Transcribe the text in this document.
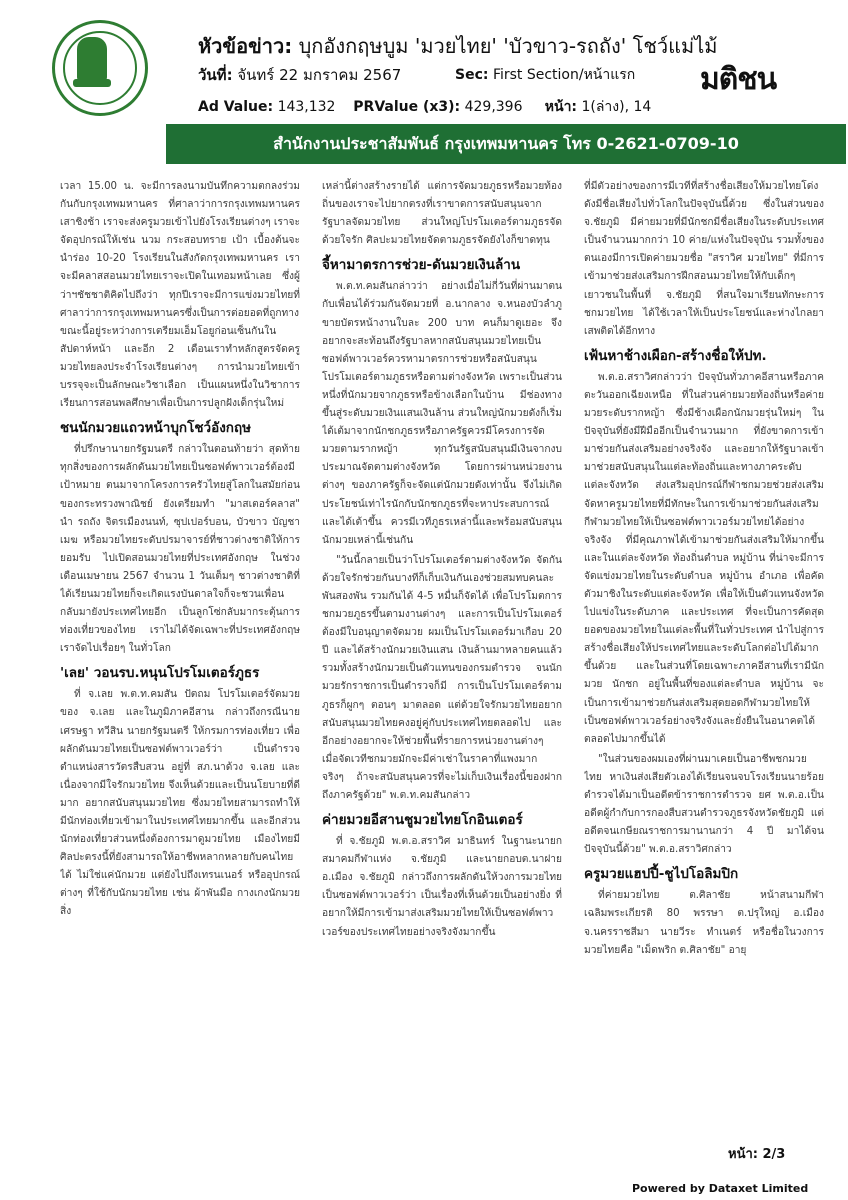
หัวข้อข่าว: บุกอังกฤษบูม 'มวยไทย' 'บัวขาว-รถถัง' โชว์แม่ไม้
วันที่: จันทร์ 22 มกราคม 2567	Sec: First Section/หน้าแรก
Ad Value: 143,132 PRValue (x3): 429,396 หน้า: 1(ล่าง), 14
มติชน
สำนักงานประชาสัมพันธ์ กรุงเทพมหานคร โทร 0-2621-0709-10
เวลา 15.00 น. จะมีการลงนามบันทึกความตกลงร่วมกันกับกรุงเทพมหานคร ที่ศาลาว่าการกรุงเทพมหานคร เสาชิงช้า เราจะส่งครูมวยเข้าไปยังโรงเรียนต่างๆ เราจะจัดอุปกรณ์ให้เช่น นวม กระสอบทราย เป้า เบื้องต้นจะนำร่อง 10-20 โรงเรียนในสังกัดกรุงเทพมหานคร เราจะมีคลาสสอนมวยไทยเราจะเปิดในเทอมหน้าเลย ซึ่งผู้ว่าฯชัชชาติคิดไปถึงว่า ทุกปีเราจะมีการแข่งมวยไทยที่ศาลาว่าการกรุงเทพมหานครซึ่งเป็นการต่อยอดที่ถูกทาง ขณะนี้อยู่ระหว่างการเตรียมเอ็มโอยูก่อนเซ็นกันในสัปดาห์หน้า และอีก 2 เดือนเราทำหลักสูตรจัดครูมวยไทยลงประจำโรงเรียนต่างๆ การนำมวยไทยเข้าบรรจุจะเป็นลักษณะวิชาเลือก เป็นแผนหนึ่งในวิชาการเรียนการสอนพลศึกษาเพื่อเป็นการปลูกฝังเด็กรุ่นใหม่
ชนนักมวยแถวหน้าบุกโชว์อังกฤษ
ที่ปรึกษานายกรัฐมนตรี กล่าวในตอนท้ายว่า สุดท้ายทุกสิ่งของการผลักดันมวยไทยเป็นซอฟต์พาวเวอร์ต้องมีเป้าหมาย ตนมาจากโครงการครัวไทยสู่โลกในสมัยก่อนของกระทรวงพาณิชย์ ยังเตรียมทำ "มาสเตอร์คลาส" นำ รถถัง จิตรเมืองนนท์, ซุปเปอร์บอน, บัวขาว บัญชาเมฆ หรือมวยไทยระดับปรมาจารย์ที่ชาวต่างชาติให้การยอมรับ ไปเปิดสอนมวยไทยที่ประเทศอังกฤษ ในช่วงเดือนเมษายน 2567 จำนวน 1 วันเต็มๆ ชาวต่างชาติที่ได้เรียนมวยไทยก็จะเกิดแรงบันดาลใจก็จะชวนเพื่อนกลับมายังประเทศไทยอีก เป็นลูกโซ่กลับมากระตุ้นการท่องเที่ยวของไทย เราไม่ได้จัดเฉพาะที่ประเทศอังกฤษ เราจัดไปเรื่อยๆ ในทั่วโลก
'เลย' วอนรบ.หนุนโปรโมเตอร์ภูธร
ที่ จ.เลย พ.ต.ท.คมสัน ปัตถม โปรโมเตอร์จัดมวยของ จ.เลย และในภูมิภาคอีสาน กล่าวถึงกรณีนายเศรษฐา ทวีสิน นายกรัฐมนตรี ให้กรมการท่องเที่ยว เพื่อผลักดันมวยไทยเป็นซอฟต์พาวเวอร์ว่า เป็นตำรวจ ตำแหน่งสารวัตรสืบสวน อยู่ที่ สภ.นาด้วง จ.เลย และเนื่องจากมีใจรักมวยไทย จึงเห็นด้วยและเป็นนโยบายที่ดีมาก อยากสนับสนุนมวยไทย ซึ่งมวยไทยสามารถทำให้มีนักท่องเที่ยวเข้ามาในประเทศไทยมากขึ้น และอีกส่วนนักท่องเที่ยวส่วนหนึ่งต้องการมาดูมวยไทย เมืองไทยมีศิลปะตรงนี้ที่ยังสามารถให้อาชีพหลากหลายกับคนไทยได้ ไม่ใช่แค่นักมวย แต่ยังไปถึงเทรนเนอร์ หรืออุปกรณ์ต่างๆ ที่ใช้กับนักมวยไทย เช่น ผ้าพันมือ กางเกงนักมวย สิ่ง
เหล่านี้ต่างสร้างรายได้ แต่การจัดมวยภูธรหรือมวยท้องถิ่นของเราจะไปยากตรงที่เราขาดการสนับสนุนจากรัฐบาลจัดมวยไทย ส่วนใหญ่โปรโมเตอร์ตามภูธรจัดด้วยใจรัก ศิลปะมวยไทยจัดตามภูธรจัดยังไงก็ขาดทุน
จี้หามาตรการช่วย-ดันมวยเงินล้าน
พ.ต.ท.คมสันกล่าวว่า อย่างเมื่อไม่กี่วันที่ผ่านมาตนกับเพื่อนได้ร่วมกันจัดมวยที่ อ.นากลาง จ.หนองบัวลำภู ขายบัตรหน้างานใบละ 200 บาท คนก็มาดูเยอะ จึงอยากจะสะท้อนถึงรัฐบาลหากสนับสนุนมวยไทยเป็นซอฟต์พาวเวอร์ควรหามาตรการช่วยหรือสนับสนุนโปรโมเตอร์ตามภูธรหรือตามต่างจังหวัด เพราะเป็นส่วนหนึ่งที่นักมวยจากภูธรหรือข้างเลือกในบ้าน มีช่องทางขึ้นสู่ระดับมวยเงินแสนเงินล้าน ส่วนใหญ่นักมวยดังก็เริ่มได้เต้มาจากนักชกภูธรหรือภาครัฐควรมีโครงการจัดมวยตามรากหญ้า ทุกวันรัฐสนับสนุนมีเงินจากงบประมาณจัดตามต่างจังหวัด โดยการผ่านหน่วยงานต่างๆ ของภาครัฐก็จะจัดแต่นักมวยดังเท่านั้น จึงไม่เกิดประโยชน์เท่าไรนักกับนักชกภูธรที่จะหาประสบการณ์และได้เต้าขึ้น ควรมีเวทีภูธรเหล่านี้และพร้อมสนับสนุนนักมวยเหล่านี้เช่นกัน
"วันนี้กลายเป็นว่าโปรโมเตอร์ตามต่างจังหวัด จัดกันด้วยใจรักช่วยกันบางทีก็เก็บเงินกันเองช่วยสมทบคนละพันสองพัน รวมกันได้ 4-5 หมื่นก็จัดได้ เพื่อโปรโมตการชกมวยภูธรขึ้นตามงานต่างๆ และการเป็นโปรโมเตอร์ต้องมีใบอนุญาตจัดมวย ผมเป็นโปรโมเตอร์มาเกือบ 20 ปี และได้สร้างนักมวยเงินแสน เงินล้านมาหลายคนแล้ว รวมทั้งสร้างนักมวยเป็นตัวแทนของกรมตำรวจ จนนักมวยรักราชการเป็นตำรวจก็มี การเป็นโปรโมเตอร์ตามภูธรก็ผูกๆ ตอนๆ มาตลอด แต่ด้วยใจรักมวยไทยอยากสนับสนุนมวยไทยคงอยู่คู่กับประเทศไทยตลอดไป และอีกอย่างอยากจะให้ช่วยพื้นที่รายการหน่วยงานต่างๆ เมื่อจัดเวทีชกมวยมักจะมีค่าเช่าในราคาที่แพงมาก จริงๆ ถ้าจะสนับสนุนควรที่จะไม่เก็บเงินเรื่องนี้ของฝากถึงภาครัฐด้วย" พ.ต.ท.คมสันกล่าว
ค่ายมวยอีสานชูมวยไทยโกอินเตอร์
ที่ จ.ชัยภูมิ พ.ต.อ.สราวิศ มาธินทร์ ในฐานะนายกสมาคมกีฬาแห่ง จ.ชัยภูมิ และนายกอบต.นาฝาย อ.เมือง จ.ชัยภูมิ กล่าวถึงการผลักดันให้วงการมวยไทยเป็นซอฟต์พาวเวอร์ว่า เป็นเรื่องที่เห็นด้วยเป็นอย่างยิ่ง ที่อยากให้มีการเข้ามาส่งเสริมมวยไทยให้เป็นซอฟต์พาวเวอร์ของประเทศไทยอย่างจริงจังมากขึ้น
ที่มีตัวอย่างของการมีเวทีที่สร้างชื่อเสียงให้มวยไทยโด่งดังมีชื่อเสียงไปทั่วโลกในปัจจุบันนี้ด้วย ซึ่งในส่วนของ จ.ชัยภูมิ มีค่ายมวยที่มีนักชกมีชื่อเสียงในระดับประเทศเป็นจำนวนมากกว่า 10 ค่าย/แห่งในปัจจุบัน รวมทั้งของตนเองมีการเปิดค่ายมวยชื่อ "สราวิศ มวยไทย" ที่มีการเข้ามาช่วยส่งเสริมการฝึกสอนมวยไทยให้กับเด็กๆ เยาวชนในพื้นที่ จ.ชัยภูมิ ที่สนใจมาเรียนทักษะการชกมวยไทย ได้ใช้เวลาให้เป็นประโยชน์และห่างไกลยาเสพติดได้อีกทาง
เฟ้นหาช้างเผือก-สร้างชื่อให้ปท.
พ.ต.อ.สราวิศกล่าวว่า ปัจจุบันทั่วภาคอีสานหรือภาคตะวันออกเฉียงเหนือ ที่ในส่วนค่ายมวยท้องถิ่นหรือค่ายมวยระดับรากหญ้า ซึ่งมีช้างเผือกนักมวยรุ่นใหม่ๆ ในปัจจุบันที่ยังมีฝีมืออีกเป็นจำนวนมาก ที่ยังขาดการเข้ามาช่วยกันส่งเสริมอย่างจริงจัง และอยากให้รัฐบาลเข้ามาช่วยสนับสนุนในแต่ละท้องถิ่นและทางภาคระดับแต่ละจังหวัด ส่งเสริมอุปกรณ์กีฬาชกมวยช่วยส่งเสริมจัดหาครูมวยไทยที่มีทักษะในการเข้ามาช่วยกันส่งเสริมกีฬามวยไทยให้เป็นซอฟต์พาวเวอร์มวยไทยได้อย่างจริงจัง ที่มีคุณภาพได้เข้ามาช่วยกันส่งเสริมให้มากขึ้น และในแต่ละจังหวัด ท้องถิ่นตำบล หมู่บ้าน ที่น่าจะมีการจัดแข่งมวยไทยในระดับตำบล หมู่บ้าน อำเภอ เพื่อคัดตัวมาชิงในระดับแต่ละจังหวัด เพื่อให้เป็นตัวแทนจังหวัดไปแข่งในระดับภาค และประเทศ ที่จะเป็นการคัดสุดยอดของมวยไทยในแต่ละพื้นที่ในทั่วประเทศ นำไปสู่การสร้างชื่อเสียงให้ประเทศไทยและระดับโลกต่อไปได้มากขึ้นด้วย และในส่วนที่โดยเฉพาะภาคอีสานที่เรามีนักมวย นักชก อยู่ในพื้นที่ของแต่ละตำบล หมู่บ้าน จะเป็นการเข้ามาช่วยกันส่งเสริมสุดยอดกีฬามวยไทยให้เป็นซอฟต์พาวเวอร์อย่างจริงจังและยั่งยืนในอนาคตได้ตลอดไปมากขึ้นได้
"ในส่วนของผมเองที่ผ่านมาเคยเป็นอาชีพชกมวยไทย หาเงินส่งเสียตัวเองได้เรียนจนจบโรงเรียนนายร้อยตำรวจได้มาเป็นอดีตข้าราชการตำรวจ ยศ พ.ต.อ.เป็นอดีตผู้กำกับการกองสืบสวนตำรวจภูธรจังหวัดชัยภูมิ แต่อดีตจนเกษียณราชการมานานกว่า 4 ปี มาได้จนปัจจุบันนี้ด้วย" พ.ต.อ.สราวิศกล่าว
ครูมวยแฮปปี้-ชูไปโอลิมปิก
ที่ค่ายมวยไทย ต.ศิลาชัย หน้าสนามกีฬาเฉลิมพระเกียรติ 80 พรรษา ต.ปรุใหญ่ อ.เมือง จ.นครราชสีมา นายวีระ ทำเนตร์ หรือชื่อในวงการมวยไทยคือ "เม็ดพริก ต.ศิลาชัย" อายุ
หน้า: 2/3
Powered by Dataxet Limited
